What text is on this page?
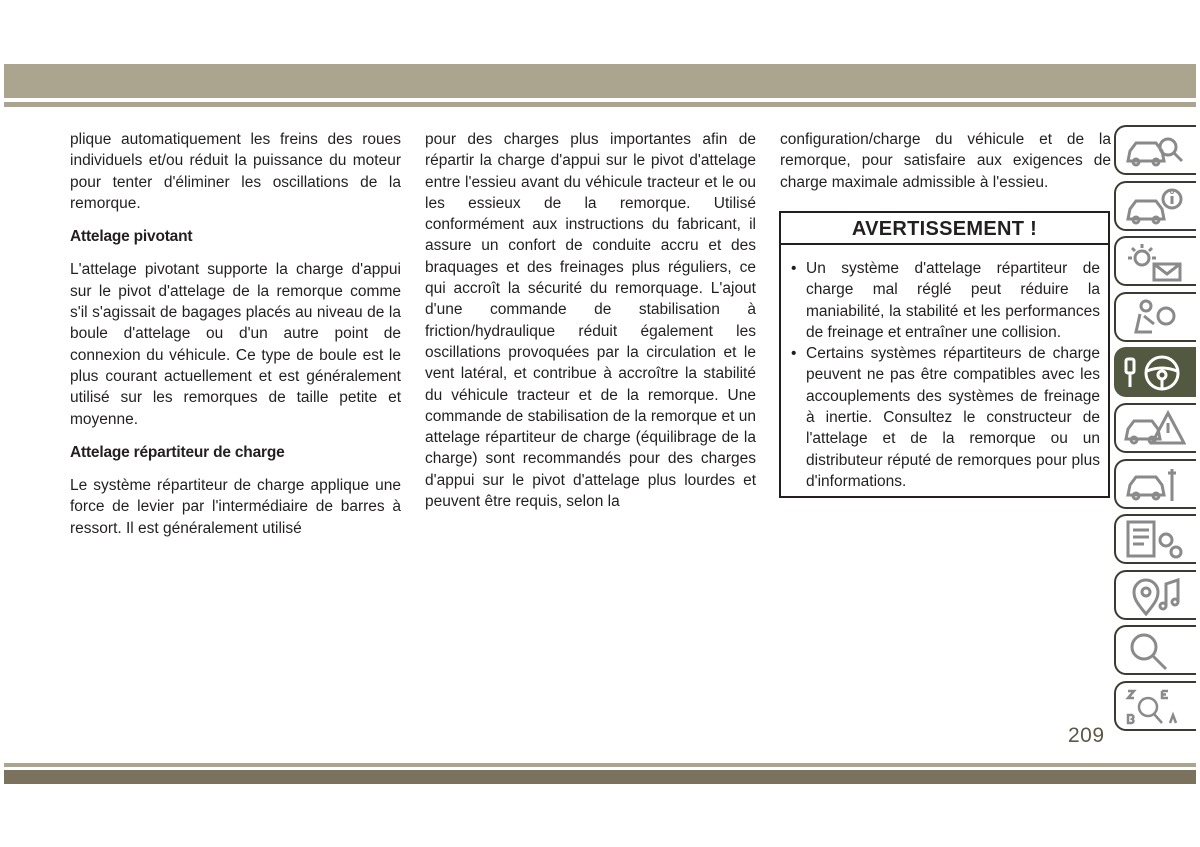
plique automatiquement les freins des roues individuels et/ou réduit la puissance du moteur pour tenter d'éliminer les oscillations de la remorque.

Attelage pivotant

L'attelage pivotant supporte la charge d'appui sur le pivot d'attelage de la remorque comme s'il s'agissait de bagages placés au niveau de la boule d'attelage ou d'un autre point de connexion du véhicule. Ce type de boule est le plus courant actuellement et est généralement utilisé sur les remorques de taille petite et moyenne.

Attelage répartiteur de charge

Le système répartiteur de charge applique une force de levier par l'intermédiaire de barres à ressort. Il est généralement utilisé

pour des charges plus importantes afin de répartir la charge d'appui sur le pivot d'attelage entre l'essieu avant du véhicule tracteur et le ou les essieux de la remorque. Utilisé conformément aux instructions du fabricant, il assure un confort de conduite accru et des braquages et des freinages plus réguliers, ce qui accroît la sécurité du remorquage. L'ajout d'une commande de stabilisation à friction/hydraulique réduit également les oscillations provoquées par la circulation et le vent latéral, et contribue à accroître la stabilité du véhicule tracteur et de la remorque. Une commande de stabilisation de la remorque et un attelage répartiteur de charge (équilibrage de la charge) sont recommandés pour des charges d'appui sur le pivot d'attelage plus lourdes et peuvent être requis, selon la

configuration/charge du véhicule et de la remorque, pour satisfaire aux exigences de charge maximale admissible à l'essieu.

AVERTISSEMENT !
• Un système d'attelage répartiteur de charge mal réglé peut réduire la maniabilité, la stabilité et les performances de freinage et entraîner une collision.
• Certains systèmes répartiteurs de charge peuvent ne pas être compatibles avec les accouplements des systèmes de freinage à inertie. Consultez le constructeur de l'attelage et de la remorque ou un distributeur réputé de remorques pour plus d'informations.
209
